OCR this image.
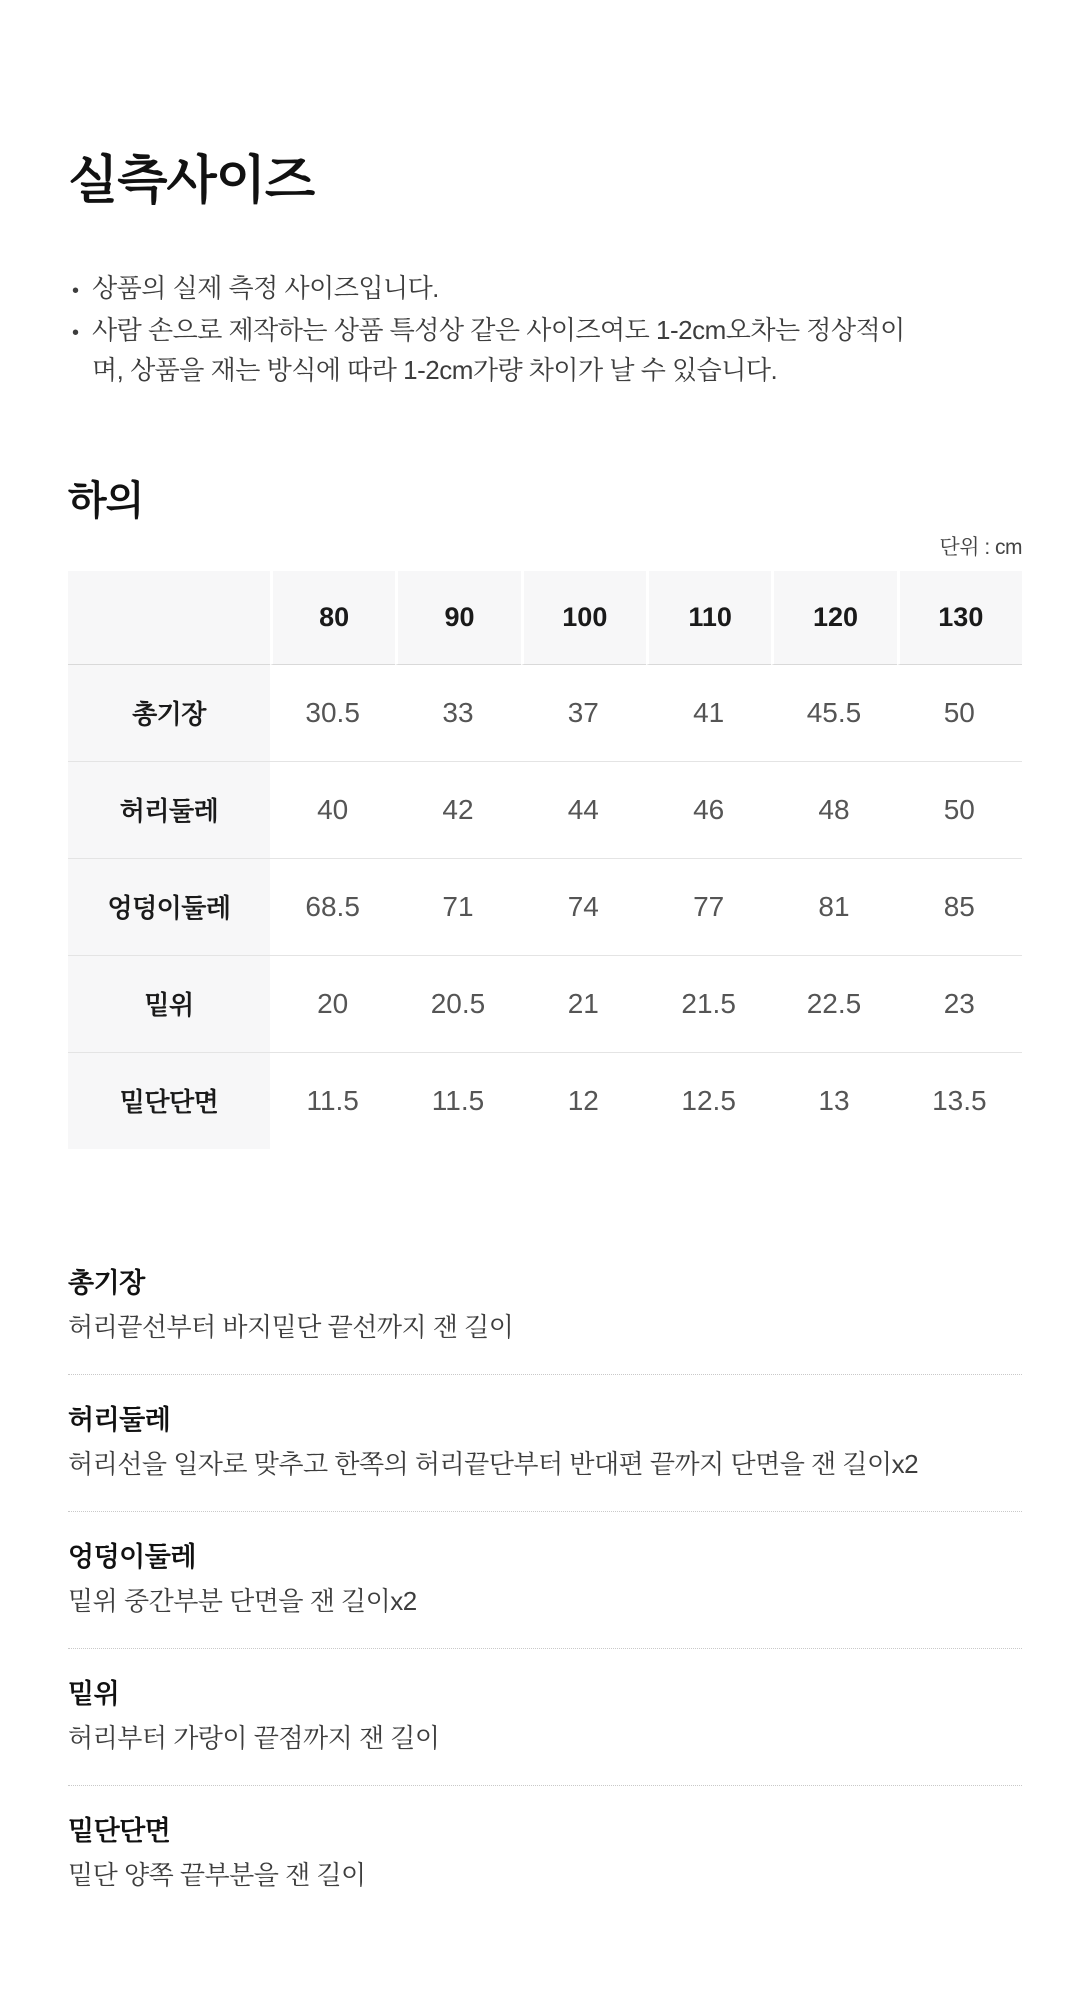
실측사이즈
•
상품의 실제 측정 사이즈입니다.
•
사람 손으로 제작하는 상품 특성상 같은 사이즈여도 1-2cm오차는 정상적이며, 상품을 재는 방식에 따라 1-2cm가량 차이가 날 수 있습니다.
하의
단위 : cm
	80	90	100	110	120	130
총기장	30.5	33	37	41	45.5	50
허리둘레	40	42	44	46	48	50
엉덩이둘레	68.5	71	74	77	81	85
밑위	20	20.5	21	21.5	22.5	23
밑단단면	11.5	11.5	12	12.5	13	13.5
총기장

허리끝선부터 바지밑단 끝선까지 잰 길이

허리둘레

허리선을 일자로 맞추고 한쪽의 허리끝단부터 반대편 끝까지 단면을 잰 길이x2

엉덩이둘레

밑위 중간부분 단면을 잰 길이x2

밑위

허리부터 가랑이 끝점까지 잰 길이

밑단단면

밑단 양쪽 끝부분을 잰 길이
